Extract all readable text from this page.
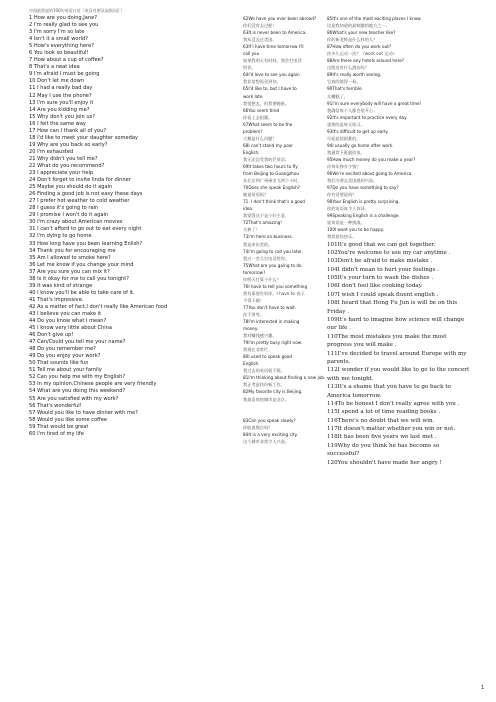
中国最常说的100句英语口语（英汉对照及高频词汇）
1 How are you doing,Jane?
2 I'm really glad to see you
3 I'm sorry I'm so late
4 Isn't it a small world?
5 How's everything here?
6 You look so beautiful!
7 How about a cup of coffee?
8 That's a neat idea
9 I'm afraid I must be going
10 Don't let me down
11 I had a really bad day
12 May I use the phone?
13 I'm sure you'll enjoy it
14 Are you kidding me?
15 Why don't you join us?
16 I felt the same way
17 How can I thank all of you?
18 I'd like to meet your daughter someday
19 Why are you back so early?
20 I'm exhausted
21 Why didn't you tell me?
22 What do you recommend?
23 I appreciate your help
24 Don't forget to invite linda for dinner
25 Maybe you should do it again
26 Finding a good job is not easy these days
27 I prefer hot weather to cold weather
28 I guess it's going to rain
29 I promise I won't do it again
30 I'm crazy about American movies
31 I can't afford to go out to eat every night
32 I'm dying to go home
33 How long have you been learning Enlish?
34 Thank you for encouraging me
35 Am I allowed to smoke here?
36 Let me know if you change your mind
37 Are you sure you can mix it?
38 Is it okay for me to call you tonight?
39 It was kind of strange
40 I know you'll be able to take care of it.
41 That's impressive.
42 As a matter of fact,I don't really like American food
43 I believe you can make it
44 Do you know what I mean?
45 I know very little about China
46 Don't give up!
47 Can/Could you tell me your name?
48 Do you remember me?
49 Do you enjoy your work?
50 That sounds like fun
51 Tell me about your family
52 Can you help me with my English?
53 In my opinion,Chinese people are very friendly
54 What are you doing this weekend?
55 Are you satisfied with my work?
56 That's wonderful!
57 Would you like to have dinner with me?
58 Would you like some coffee
59 That would be great
60 I'm tired of my life
62We have you ever been abroad?
你们没有去过呢！
63It is never been to America.
我从没去过美国。
63If I have time tomorrow I'll
call you
如果我明天有时间，我会打电话
给你。
64I'd love to see you again
我非常想再见到你。
65I'd like to, but I have to
work late.
我很想去，但我要晚班。
66You seem tired
你看上去很累。
67What seem to be the
problem?
大概是什么问题？
68I can't stand my poor
English.
我无法忍受我的烂英语。
69It takes two hours to fly
from Beijing to Guangzhou
从北京到广州乘坐飞两个小时。
70Does she speak English?
她说英语吗？
71. I don't think that's a good
idea.
我觉得这不是个好主意。
72That's amazing!
太棒了！
73I'm here on business.
我是来出差的。
74I'm going to call you later.
我过一会儿打电话给你。
75What are you going to do
tomorrow?
你明天打算干什么？
76I have to tell you something
我有事要告诉你。I have to 表示
不得不做！
77You don't have to wait.
你不用等。
78I'm interested in making
money.
我对赚钱感兴趣。
79I'm pretty busy right now.
我现在非常忙。
80I used to speak good
English.
我过去的英语很不错。
81I'm thinking about finding a new job.
我正考虑找份新工作。
82My favorite city is Beijing.
我最喜欢的城市是北京。
83Can you speak slowly?
你能说慢点吗？
84It is a very exciting city.
这个城市非常令人兴奋。
85It's one of the most exciting places I know.
这是我知道的最刺激的地方之一。
86What's your new teacher like?
你的新老师是什么样的人？
87How often do you work out?
你多久运动一次？（work out 运动）
88Are there any hotels around here?
这附近有什么酒店吗？
89It's really worth seeing.
它真的值得一看。
90That's terrible.
太糟糕了。
91I'm sure everybody will have a great time!
我确信每个人都会很开心。
92It's important to practice every day.
重要的是每天练习。
93It's difficult to get up early.
早起是很困难的。
94I usually go home after work.
我通常下班就回家。
95How much money do you make a year?
你每年挣多少钱？
96We're excited about going to America.
我们为要去美国感到兴奋。
97Do you have something to say?
你有话要说吗？
98Your English is pretty surprising.
你的英语真令人惊讶。
99Speaking English is a challenge.
说英语是一种挑战。
100I want you to be happy.
我希望你快乐。
101It's good that we can get together.
102You're welcome to use my car anytime .
103Don't be afraid to make mistake .
104I didn't mean to hurt your feelings .
105It's your turn to wash the dishes .
106I don't feel like cooking today.
107I wish I could speak fluent english .
108I heard that Hong Fu Jun is will be on this
Friday .
109It's hard to imagine how science will change
our life .
110The most mistakes you make the most
progress you will make .
111I've decided to travel around Europe with my
parents.
112I wonder if you would like to go to the concert
with me tonight.
113It's a shame that you have to go back to
America tomorrow.
114To be honest I don't really agree with you .
115I spend a lot of time reading books .
116There's no doubt that we will win.
117It doesn't matter whether you win or not.
118It has been five years we last met .
119Why do you think he has become so
successful?
120You shouldn't have made her angry !
1
